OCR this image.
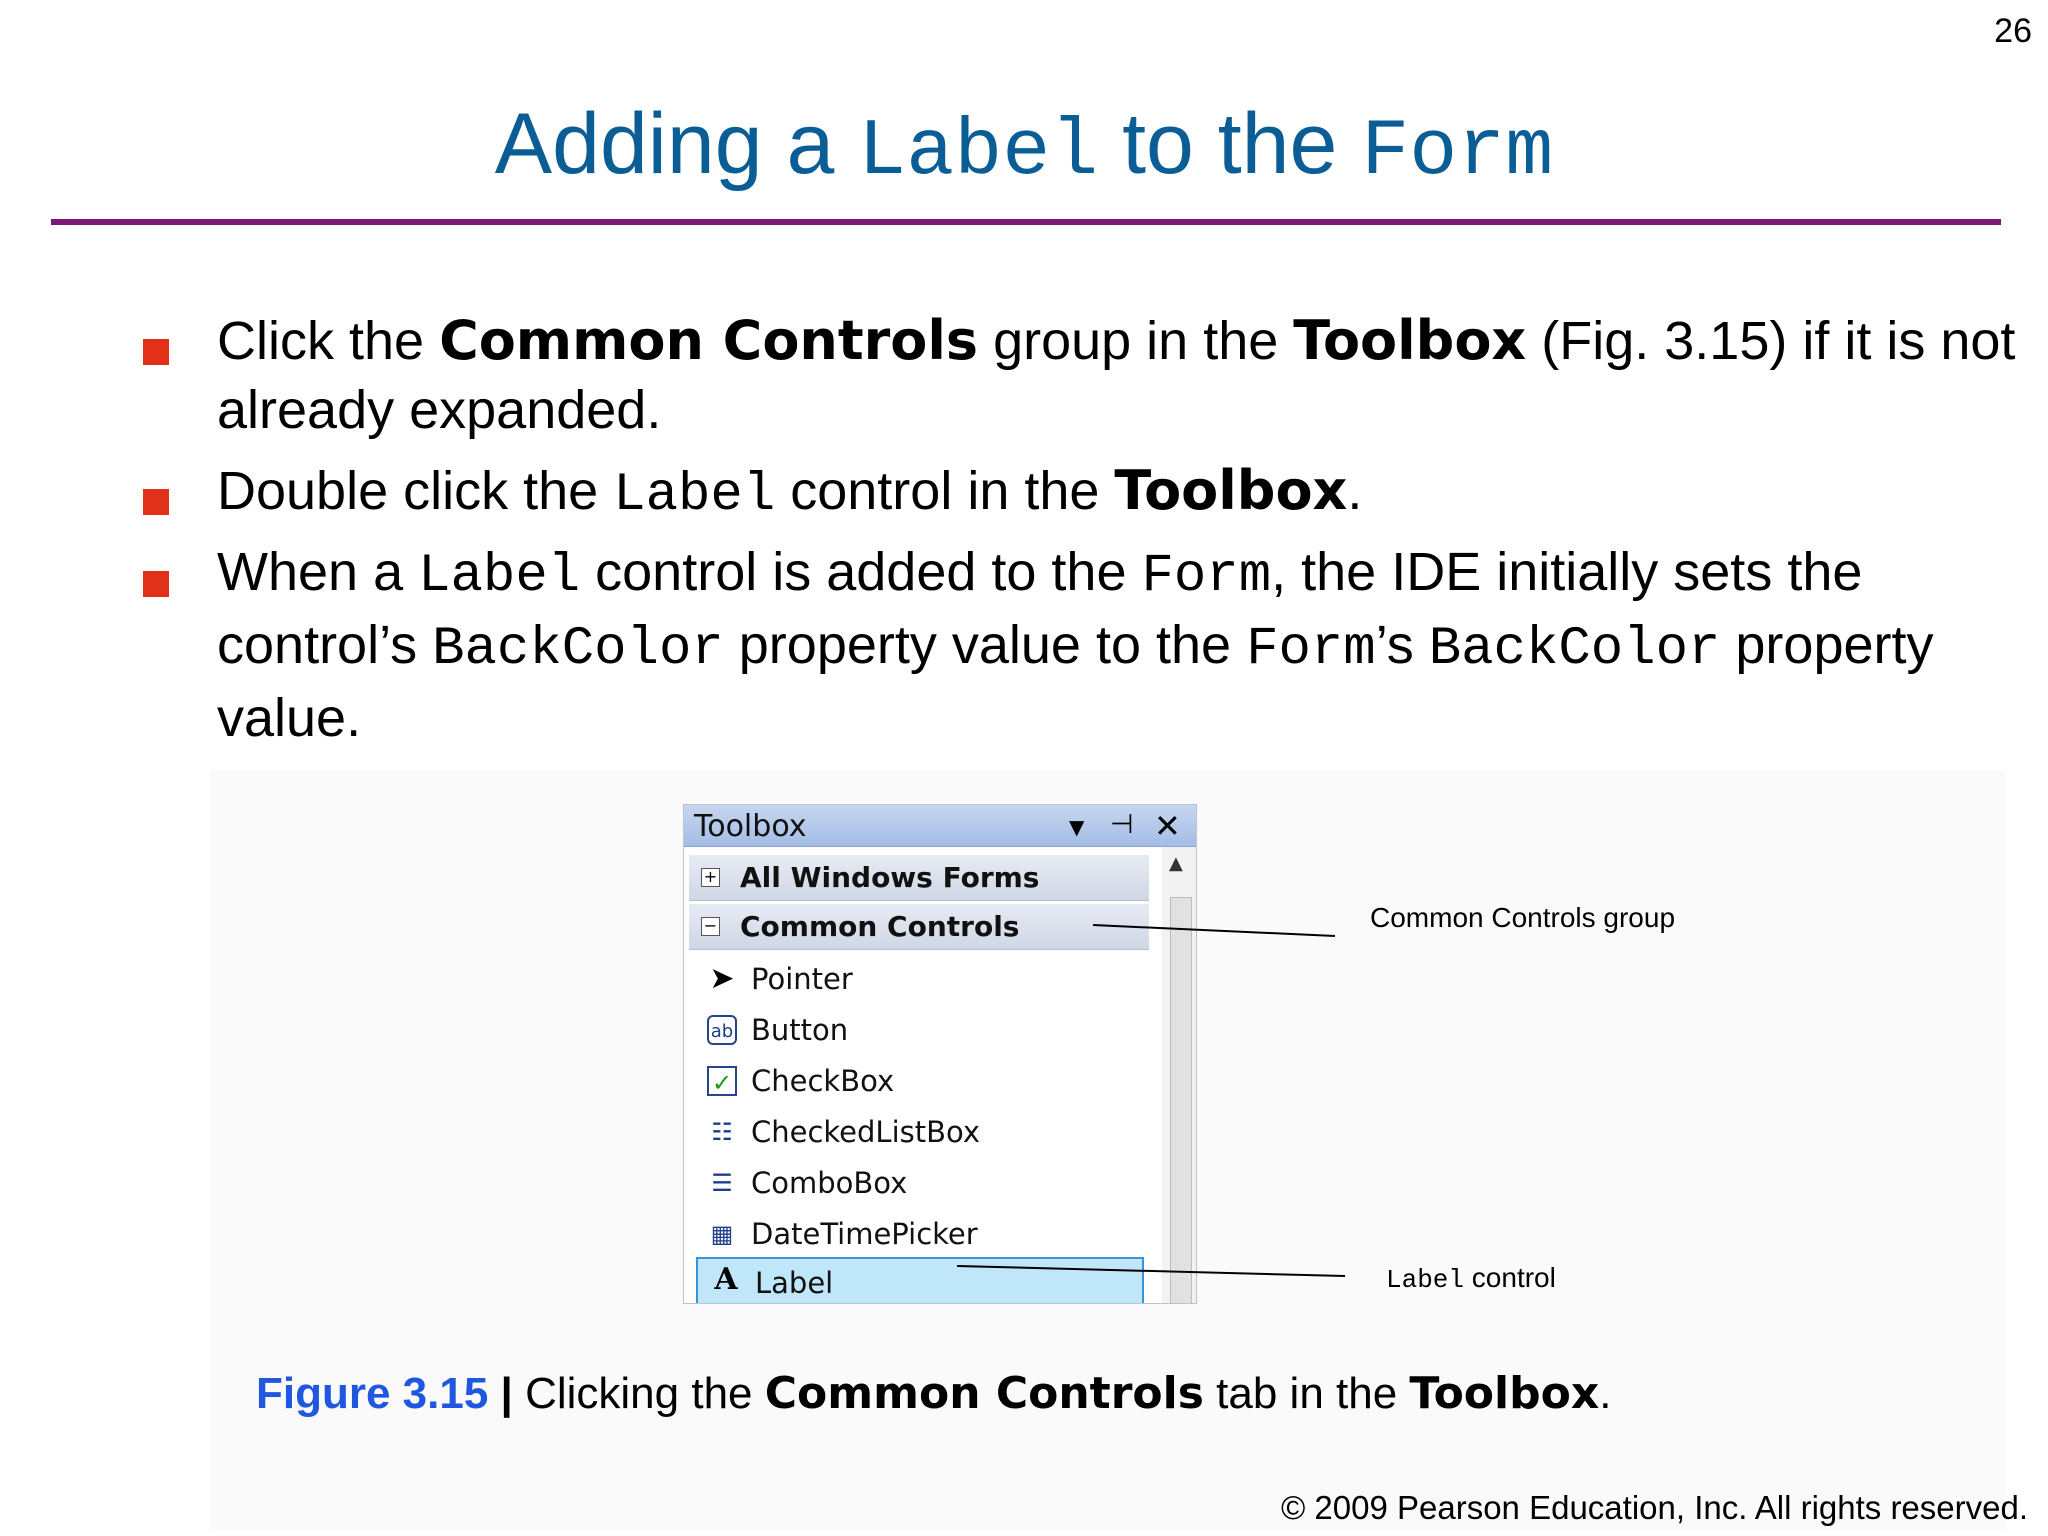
26
Adding a Label to the Form
Click the Common Controls group in the Toolbox (Fig. 3.15) if it is not already expanded.
Double click the Label control in the Toolbox.
When a Label control is added to the Form, the IDE initially sets the control’s BackColor property value to the Form’s BackColor property value.
Toolbox	▼ ⊣ ✕
+ All Windows Forms
− Common Controls
➤ Pointer
ab Button
✓ CheckBox
☷ CheckedListBox
☰ ComboBox
▦ DateTimePicker
A Label
▲
Common Controls group
Label control
Figure 3.15 | Clicking the Common Controls tab in the Toolbox.
© 2009 Pearson Education, Inc. All rights reserved.
